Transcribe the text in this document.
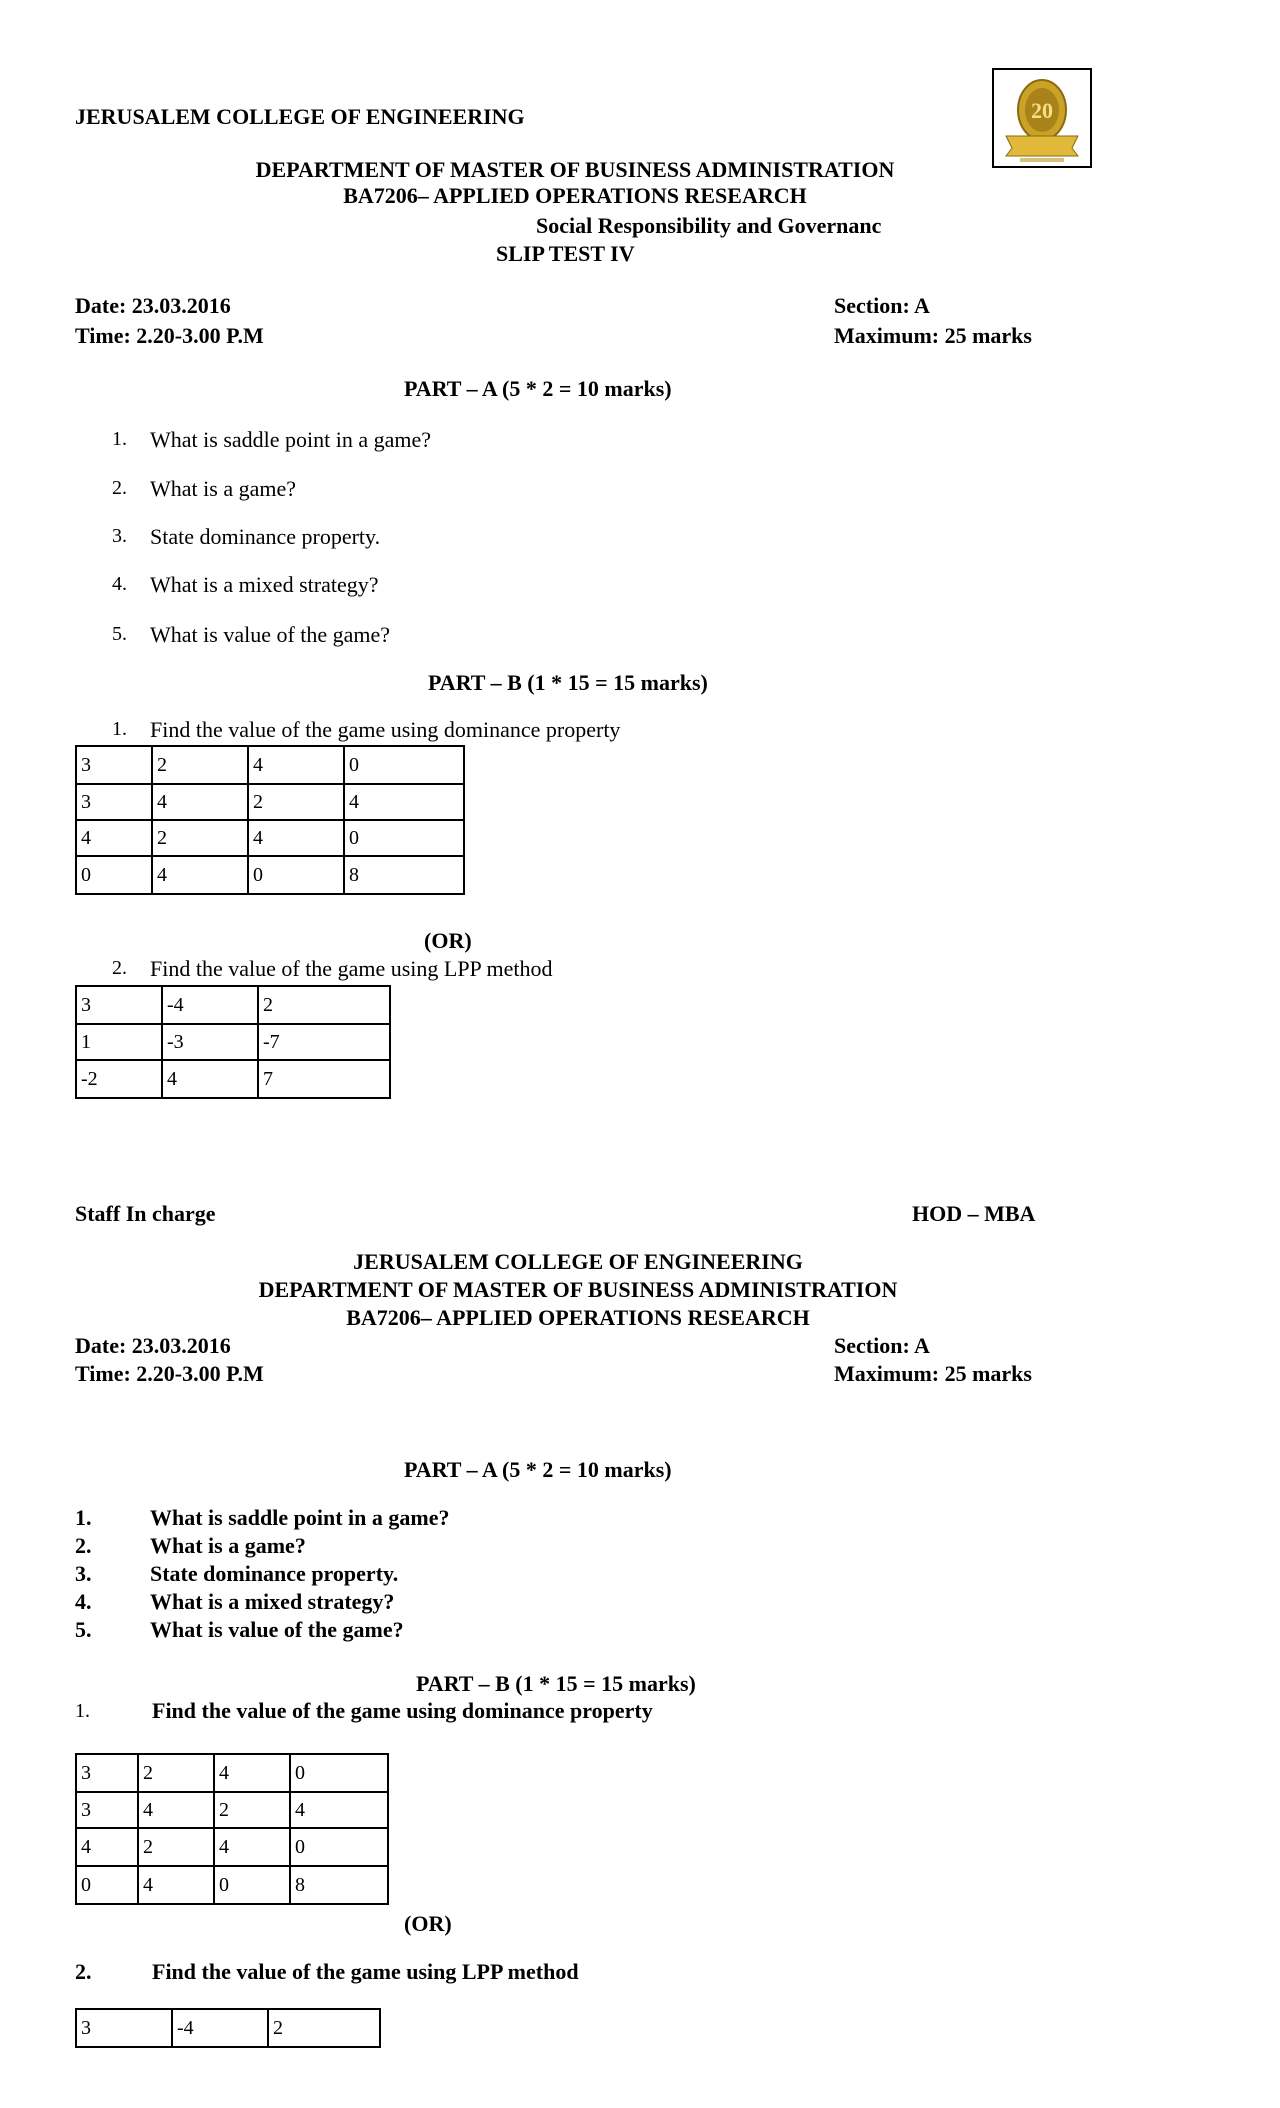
JERUSALEM COLLEGE OF ENGINEERING	20
DEPARTMENT OF MASTER OF BUSINESS ADMINISTRATION
BA7206– APPLIED OPERATIONS RESEARCH
Social Responsibility and Governanc
SLIP TEST IV
Date: 23.03.2016	Section: A
Time: 2.20-3.00 P.M	Maximum: 25 marks
PART – A (5 * 2 = 10 marks)
1. What is saddle point in a game?
2. What is a game?
3. State dominance property.
4. What is a mixed strategy?
5. What is value of the game?
PART – B (1 * 15 = 15 marks)
1. Find the value of the game using dominance property
3	2	4	0
3	4	2	4
4	2	4	0
0	4	0	8
(OR)
2. Find the value of the game using LPP method
3	-4	2
1	-3	-7
-2	4	7
Staff In charge	HOD – MBA
JERUSALEM COLLEGE OF ENGINEERING
DEPARTMENT OF MASTER OF BUSINESS ADMINISTRATION
BA7206– APPLIED OPERATIONS RESEARCH
Date: 23.03.2016	Section: A
Time: 2.20-3.00 P.M	Maximum: 25 marks
PART – A (5 * 2 = 10 marks)
1.	What is saddle point in a game?
2.	What is a game?
3.	State dominance property.
4.	What is a mixed strategy?
5.	What is value of the game?
PART – B (1 * 15 = 15 marks)
1.	Find the value of the game using dominance property
3	2	4	0
3	4	2	4
4	2	4	0
0	4	0	8
(OR)
2.	Find the value of the game using LPP method
3	-4	2
